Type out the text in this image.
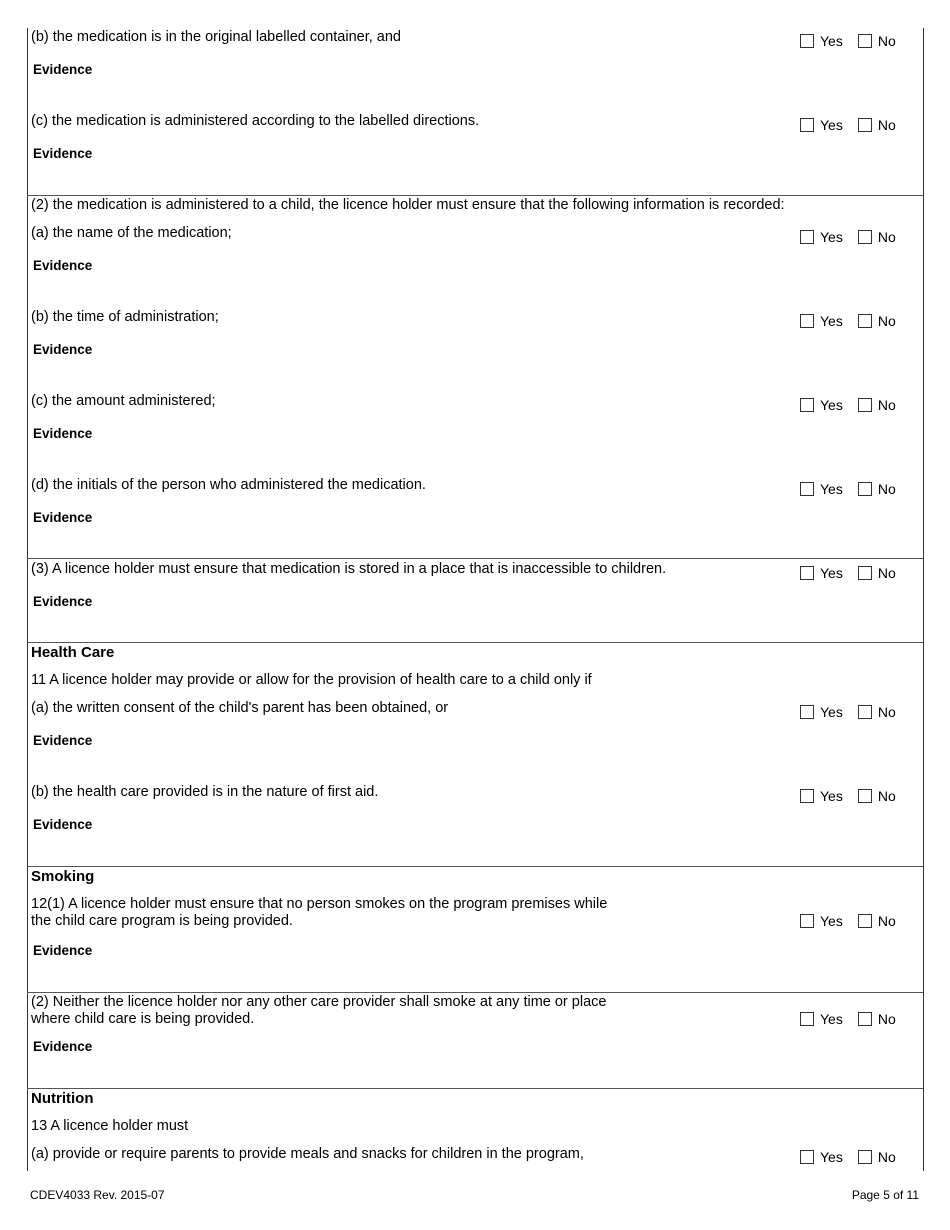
(b) the medication is in the original labelled container, and	Yes	No
Evidence
(c) the medication is administered according to the labelled directions.	Yes	No
Evidence
(2) the medication is administered to a child, the licence holder must ensure that the following information is recorded:
(a) the name of the medication;	Yes	No
Evidence
(b) the time of administration;	Yes	No
Evidence
(c) the amount administered;	Yes	No
Evidence
(d) the initials of the person who administered the medication.	Yes	No
Evidence
(3) A licence holder must ensure that medication is stored in a place that is inaccessible to children.	Yes	No
Evidence
Health Care
11 A licence holder may provide or allow for the provision of health care to a child only if
(a) the written consent of the child's parent has been obtained, or	Yes	No
Evidence
(b) the health care provided is in the nature of first aid.	Yes	No
Evidence
Smoking
12(1) A licence holder must ensure that no person smokes on the program premises while
the child care program is being provided.	Yes	No
Evidence
(2) Neither the licence holder nor any other care provider shall smoke at any time or place
where child care is being provided.	Yes	No
Evidence
Nutrition
13 A licence holder must
(a) provide or require parents to provide meals and snacks for children in the program,	Yes	No
CDEV4033 Rev. 2015-07	Page 5 of 11
